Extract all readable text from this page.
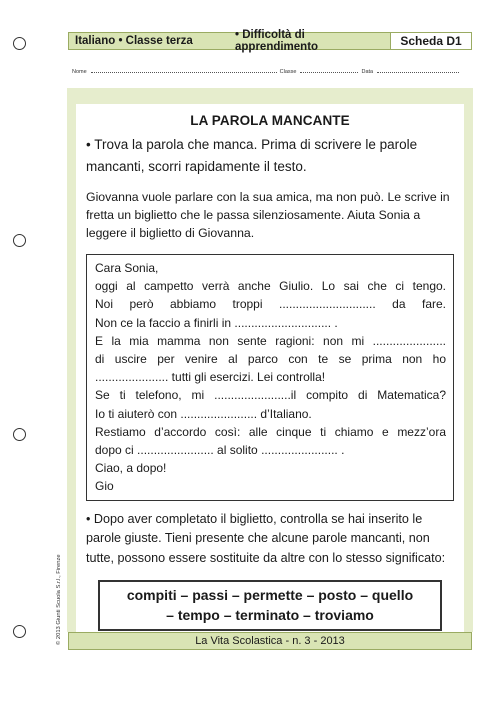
Italiano • Classe terza	• Difficoltà di apprendimento	Scheda D1
Nome	Classe	Data
LA PAROLA MANCANTE
• Trova la parola che manca. Prima di scrivere le parole mancanti, scorri rapidamente il testo.
Giovanna vuole parlare con la sua amica, ma non può. Le scrive in fretta un biglietto che le passa silenziosamente. Aiuta Sonia a leggere il biglietto di Giovanna.
Cara Sonia,
oggi al campetto verrà anche Giulio. Lo sai che ci tengo.
Noi però abbiamo troppi ............................. da fare.
Non ce la faccio a finirli in ............................. .
E la mia mamma non sente ragioni: non mi ......................
di uscire per venire al parco con te se prima non ho
...................... tutti gli esercizi. Lei controlla!
Se ti telefono, mi .......................il compito di Matematica?
Io ti aiuterò con ....................... d’Italiano.
Restiamo d’accordo così: alle cinque ti chiamo e mezz’ora
dopo ci ....................... al solito ....................... .
Ciao, a dopo!
Gio
• Dopo aver completato il biglietto, controlla se hai inserito le parole giuste. Tieni presente che alcune parole mancanti, non tutte, possono essere sostituite da altre con lo stesso significato:
compiti – passi – permette – posto – quello
– tempo – terminato – troviamo
© 2013 Giunti Scuola S.r.l., Firenze	La Vita Scolastica - n. 3 - 2013
